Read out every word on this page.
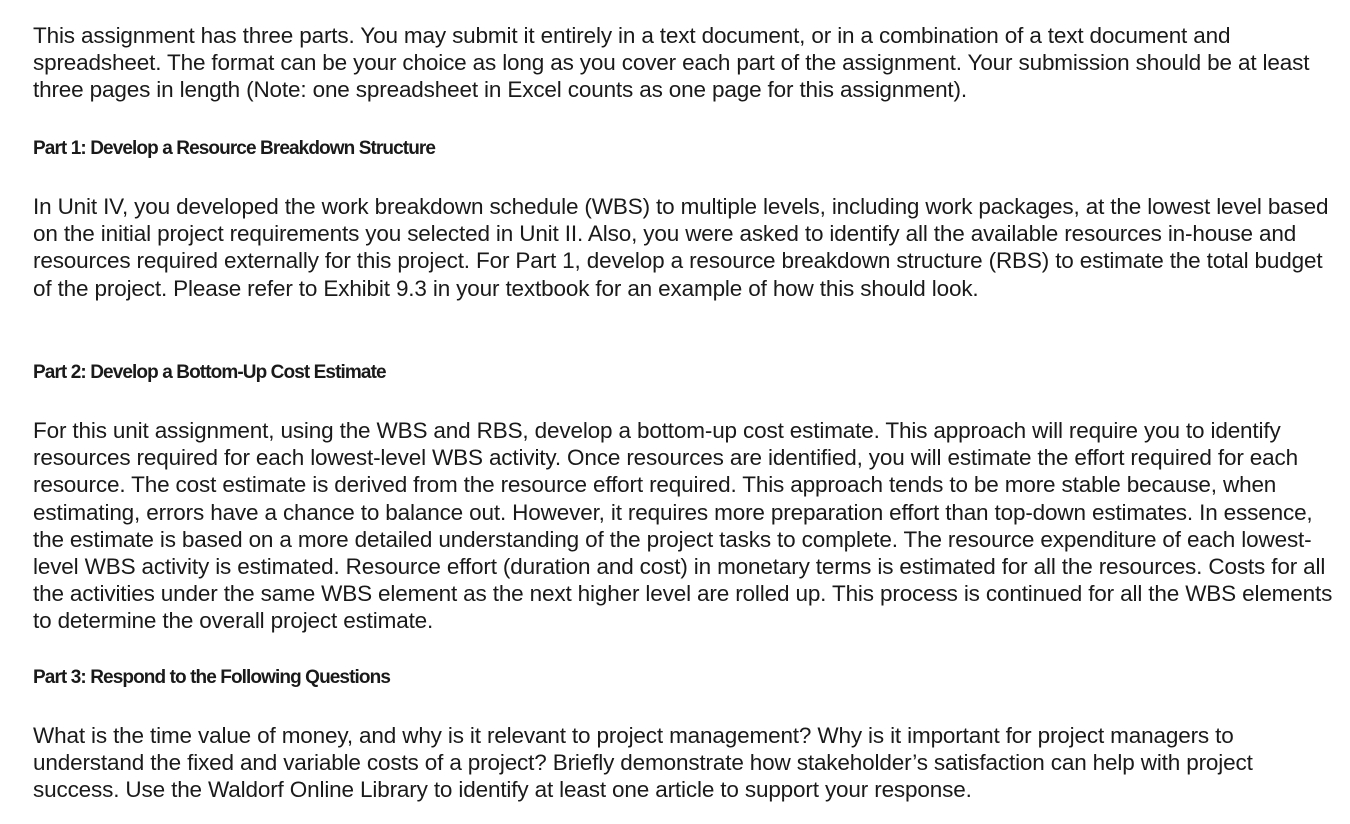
This assignment has three parts. You may submit it entirely in a text document, or in a combination of a text document and spreadsheet. The format can be your choice as long as you cover each part of the assignment. Your submission should be at least three pages in length (Note: one spreadsheet in Excel counts as one page for this assignment).

Part 1: Develop a Resource Breakdown Structure

In Unit IV, you developed the work breakdown schedule (WBS) to multiple levels, including work packages, at the lowest level based on the initial project requirements you selected in Unit II. Also, you were asked to identify all the available resources in-house and resources required externally for this project. For Part 1, develop a resource breakdown structure (RBS) to estimate the total budget of the project. Please refer to Exhibit 9.3 in your textbook for an example of how this should look.

Part 2: Develop a Bottom-Up Cost Estimate

For this unit assignment, using the WBS and RBS, develop a bottom-up cost estimate. This approach will require you to identify resources required for each lowest-level WBS activity. Once resources are identified, you will estimate the effort required for each resource. The cost estimate is derived from the resource effort required. This approach tends to be more stable because, when estimating, errors have a chance to balance out. However, it requires more preparation effort than top-down estimates. In essence, the estimate is based on a more detailed understanding of the project tasks to complete. The resource expenditure of each lowest-level WBS activity is estimated. Resource effort (duration and cost) in monetary terms is estimated for all the resources. Costs for all the activities under the same WBS element as the next higher level are rolled up. This process is continued for all the WBS elements to determine the overall project estimate.

Part 3: Respond to the Following Questions

What is the time value of money, and why is it relevant to project management? Why is it important for project managers to understand the fixed and variable costs of a project? Briefly demonstrate how stakeholder’s satisfaction can help with project success. Use the Waldorf Online Library to identify at least one article to support your response.
